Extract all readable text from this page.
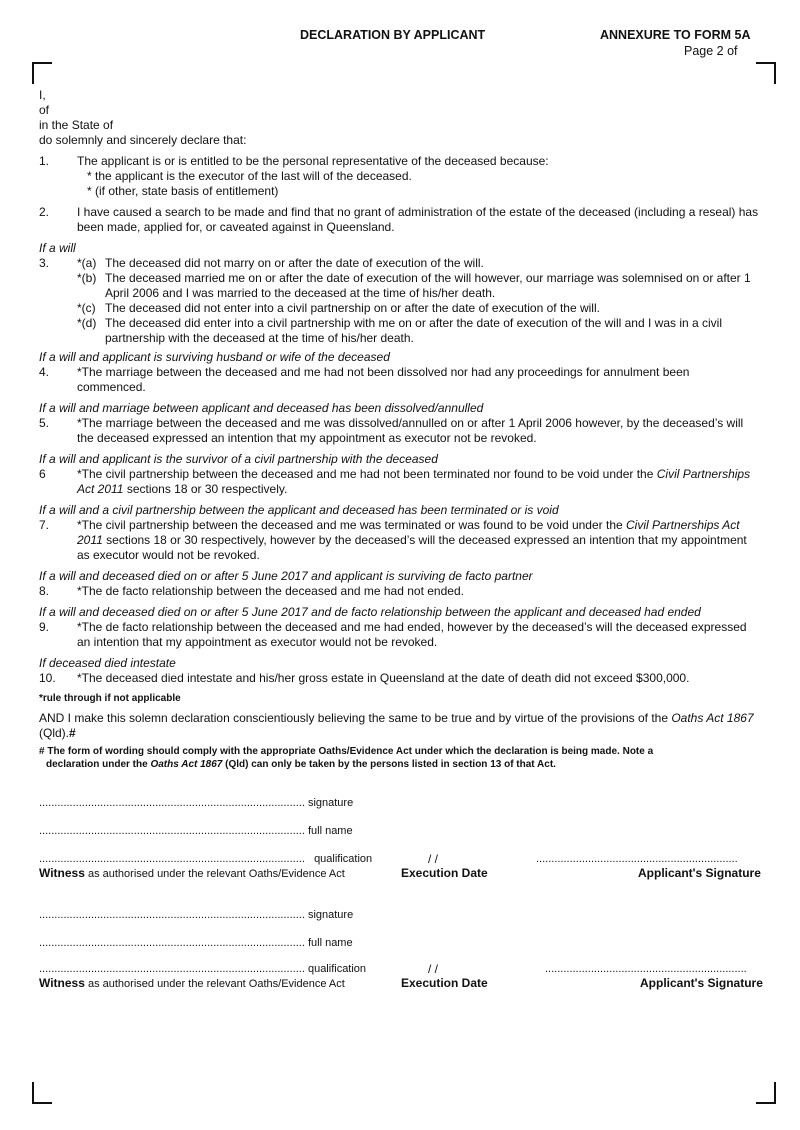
DECLARATION BY APPLICANT	ANNEXURE TO FORM 5A
Page 2 of
I,
of
in the State of
do solemnly and sincerely declare that:
1. The applicant is or is entitled to be the personal representative of the deceased because:
* the applicant is the executor of the last will of the deceased.
* (if other, state basis of entitlement)
2. I have caused a search to be made and find that no grant of administration of the estate of the deceased (including a reseal) has been made, applied for, or caveated against in Queensland.
If a will
3. *(a) The deceased did not marry on or after the date of execution of the will.
*(b) The deceased married me on or after the date of execution of the will however, our marriage was solemnised on or after 1 April 2006 and I was married to the deceased at the time of his/her death.
*(c) The deceased did not enter into a civil partnership on or after the date of execution of the will.
*(d) The deceased did enter into a civil partnership with me on or after the date of execution of the will and I was in a civil partnership with the deceased at the time of his/her death.
If a will and applicant is surviving husband or wife of the deceased
4. *The marriage between the deceased and me had not been dissolved nor had any proceedings for annulment been commenced.
If a will and marriage between applicant and deceased has been dissolved/annulled
5. *The marriage between the deceased and me was dissolved/annulled on or after 1 April 2006 however, by the deceased’s will the deceased expressed an intention that my appointment as executor not be revoked.
If a will and applicant is the survivor of a civil partnership with the deceased
6	*The civil partnership between the deceased and me had not been terminated nor found to be void under the Civil Partnerships Act 2011 sections 18 or 30 respectively.
If a will and a civil partnership between the applicant and deceased has been terminated or is void
7. *The civil partnership between the deceased and me was terminated or was found to be void under the Civil Partnerships Act 2011 sections 18 or 30 respectively, however by the deceased’s will the deceased expressed an intention that my appointment as executor would not be revoked.
If a will and deceased died on or after 5 June 2017 and applicant is surviving de facto partner
8. *The de facto relationship between the deceased and me had not ended.
If a will and deceased died on or after 5 June 2017 and de facto relationship between the applicant and deceased had ended
9. *The de facto relationship between the deceased and me had ended, however by the deceased’s will the deceased expressed an intention that my appointment as executor would not be revoked.
If deceased died intestate
10. *The deceased died intestate and his/her gross estate in Queensland at the date of death did not exceed $300,000.
*rule through if not applicable
AND I make this solemn declaration conscientiously believing the same to be true and by virtue of the provisions of the Oaths Act 1867 (Qld).#
# The form of wording should comply with the appropriate Oaths/Evidence Act under which the declaration is being made. Note a
declaration under the Oaths Act 1867 (Qld) can only be taken by the persons listed in section 13 of that Act.
....................................................................................... signature
....................................................................................... full name
....................................................................................... qualification
Witness as authorised under the relevant Oaths/Evidence Act
/ /
Execution Date
..................................................................
Applicant's Signature
....................................................................................... signature
....................................................................................... full name
....................................................................................... qualification
Witness as authorised under the relevant Oaths/Evidence Act
/ /
Execution Date
..................................................................
Applicant's Signature
